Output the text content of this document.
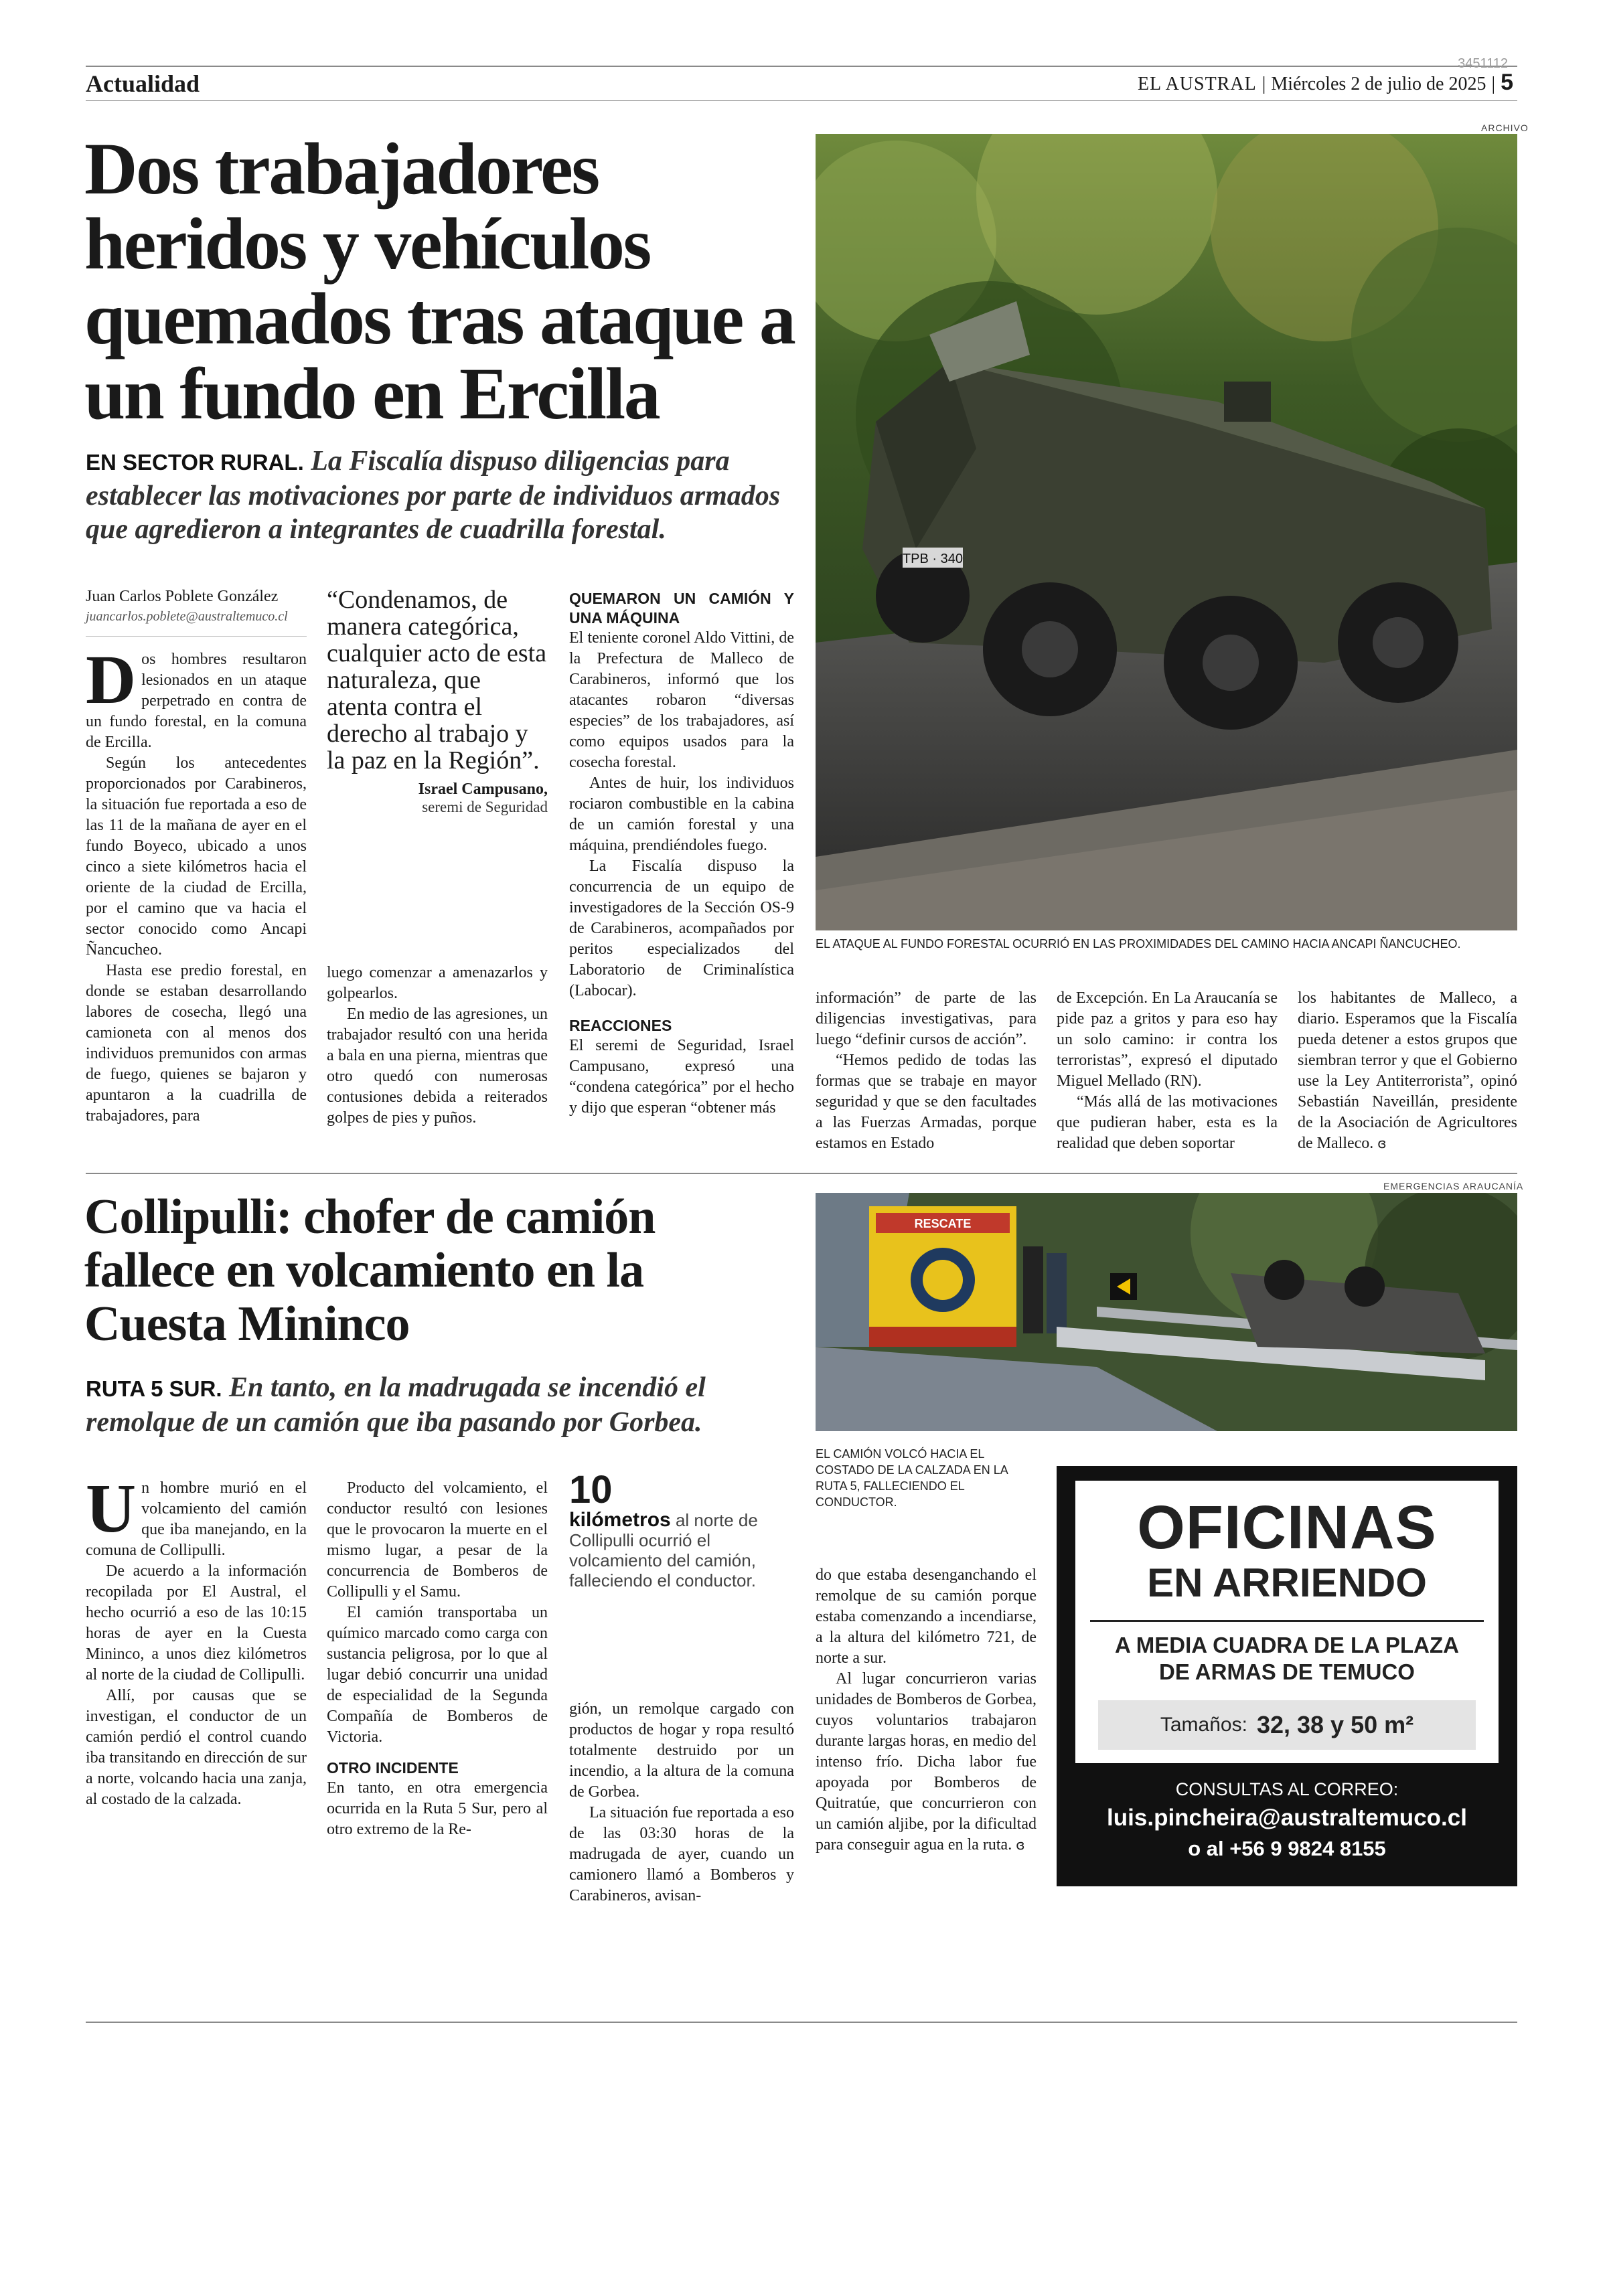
Actualidad	EL AUSTRAL | Miércoles 2 de julio de 2025 | 5
3451112
Dos trabajadores heridos y vehículos quemados tras ataque a un fundo en Ercilla
EN SECTOR RURAL. La Fiscalía dispuso diligencias para establecer las motivaciones por parte de individuos armados que agredieron a integrantes de cuadrilla forestal.
ARCHIVO
TPB · 340
EL ATAQUE AL FUNDO FORESTAL OCURRIÓ EN LAS PROXIMIDADES DEL CAMINO HACIA ANCAPI ÑANCUCHEO.
Juan Carlos Poblete González
juancarlos.poblete@australtemuco.cl
D os hombres resultaron lesionados en un ataque perpetrado en contra de un fundo forestal, en la comuna de Ercilla.

Según los antecedentes proporcionados por Carabineros, la situación fue reportada a eso de las 11 de la mañana de ayer en el fundo Boyeco, ubicado a unos cinco a siete kilómetros hacia el oriente de la ciudad de Ercilla, por el camino que va hacia el sector conocido como Ancapi Ñancucheo.

Hasta ese predio forestal, en donde se estaban desarrollando labores de cosecha, llegó una camioneta con al menos dos individuos premunidos con armas de fuego, quienes se bajaron y apuntaron a la cuadrilla de trabajadores, para

“Condenamos, de manera categórica, cualquier acto de esta naturaleza, que atenta contra el derecho al trabajo y la paz en la Región”.
Israel Campusano,
seremi de Seguridad

luego comenzar a amenazarlos y golpearlos.

En medio de las agresiones, un trabajador resultó con una herida a bala en una pierna, mientras que otro quedó con numerosas contusiones debida a reiterados golpes de pies y puños.

QUEMARON UN CAMIÓN Y UNA MÁQUINA

El teniente coronel Aldo Vittini, de la Prefectura de Malleco de Carabineros, informó que los atacantes robaron “diversas especies” de los trabajadores, así como equipos usados para la cosecha forestal.

Antes de huir, los individuos rociaron combustible en la cabina de un camión forestal y una máquina, prendiéndoles fuego.

La Fiscalía dispuso la concurrencia de un equipo de investigadores de la Sección OS-9 de Carabineros, acompañados por peritos especializados del Laboratorio de Criminalística (Labocar).

REACCIONES

El seremi de Seguridad, Israel Campusano, expresó una “condena categórica” por el hecho y dijo que esperan “obtener más

información” de parte de las diligencias investigativas, para luego “definir cursos de acción”.

“Hemos pedido de todas las formas que se trabaje en mayor seguridad y que se den facultades a las Fuerzas Armadas, porque estamos en Estado

de Excepción. En La Araucanía se pide paz a gritos y para eso hay un solo camino: ir contra los terroristas”, expresó el diputado Miguel Mellado (RN).

“Más allá de las motivaciones que pudieran haber, esta es la realidad que deben soportar

los habitantes de Malleco, a diario. Esperamos que la Fiscalía pueda detener a estos grupos que siembran terror y que el Gobierno use la Ley Antiterrorista”, opinó Sebastián Naveillán, presidente de la Asociación de Agricultores de Malleco. ɞ

Collipulli: chofer de camión fallece en volcamiento en la Cuesta Mininco
RUTA 5 SUR. En tanto, en la madrugada se incendió el remolque de un camión que iba pasando por Gorbea.
EMERGENCIAS ARAUCANÍA
RESCATE
EL CAMIÓN VOLCÓ HACIA EL COSTADO DE LA CALZADA EN LA RUTA 5, FALLECIENDO EL CONDUCTOR.
U n hombre murió en el volcamiento del camión que iba manejando, en la comuna de Collipulli.

De acuerdo a la información recopilada por El Austral, el hecho ocurrió a eso de las 10:15 horas de ayer en la Cuesta Mininco, a unos diez kilómetros al norte de la ciudad de Collipulli.

Allí, por causas que se investigan, el conductor de un camión perdió el control cuando iba transitando en dirección de sur a norte, volcando hacia una zanja, al costado de la calzada.

Producto del volcamiento, el conductor resultó con lesiones que le provocaron la muerte en el mismo lugar, a pesar de la concurrencia de Bomberos de Collipulli y el Samu.

El camión transportaba un químico marcado como carga con sustancia peligrosa, por lo que al lugar debió concurrir una unidad de especialidad de la Segunda Compañía de Bomberos de Victoria.

OTRO INCIDENTE

En tanto, en otra emergencia ocurrida en la Ruta 5 Sur, pero al otro extremo de la Re-

10
kilómetros al norte de Collipulli ocurrió el volcamiento del camión, falleciendo el conductor.

gión, un remolque cargado con productos de hogar y ropa resultó totalmente destruido por un incendio, a la altura de la comuna de Gorbea.

La situación fue reportada a eso de las 03:30 horas de la madrugada de ayer, cuando un camionero llamó a Bomberos y Carabineros, avisan-

do que estaba desenganchando el remolque de su camión porque estaba comenzando a incendiarse, a la altura del kilómetro 721, de norte a sur.

Al lugar concurrieron varias unidades de Bomberos de Gorbea, cuyos voluntarios trabajaron durante largas horas, en medio del intenso frío. Dicha labor fue apoyada por Bomberos de Quitratúe, que concurrieron con un camión aljibe, por la dificultad para conseguir agua en la ruta. ɞ

OFICINAS
EN ARRIENDO
A MEDIA CUADRA DE LA PLAZA
DE ARMAS DE TEMUCO
Tamaños: 32, 38 y 50 m²
CONSULTAS AL CORREO:
luis.pincheira@australtemuco.cl
o al +56 9 9824 8155
